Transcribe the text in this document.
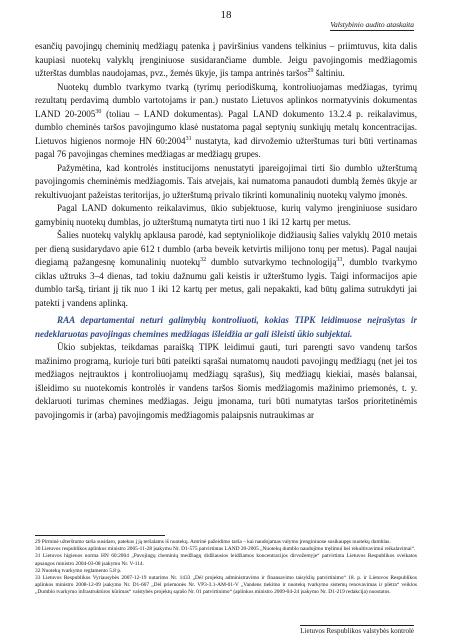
18
Valstybinio audito ataskaita

esančių pavojingų cheminių medžiagų patenka į paviršinius vandens telkinius – priimtuvus, kita dalis kaupiasi nuotekų valyklų įrenginiuose susidarančiame dumble. Jeigu pavojingomis medžiagomis užterštas dumblas naudojamas, pvz., žemės ūkyje, jis tampa antrinės taršos$^{29}$ šaltiniu.

Nuotekų dumblo tvarkymo tvarką (tyrimų periodiškumą, kontroliuojamas medžiagas, tyrimų rezultatų perdavimą dumblo vartotojams ir pan.) nustato Lietuvos aplinkos normatyvinis dokumentas LAND 20-2005$^{30}$ (toliau – LAND dokumentas). Pagal LAND dokumento 13.2.4 p. reikalavimus, dumblo cheminės taršos pavojingumo klasė nustatoma pagal septynių sunkiųjų metalų koncentracijas. Lietuvos higienos normoje HN 60:2004$^{31}$ nustatyta, kad dirvožemio užterštumas turi būti vertinamas pagal 76 pavojingas chemines medžiagas ar medžiagų grupes.

Pažymėtina, kad kontrolės institucijoms nenustatyti įpareigojimai tirti šio dumblo užterštumą pavojingomis cheminėmis medžiagomis. Tais atvejais, kai numatoma panaudoti dumblą žemės ūkyje ar rekultivuojant pažeistas teritorijas, jo užterštumą privalo tikrinti komunalinių nuotekų valymo įmonės.

Pagal LAND dokumento reikalavimus, ūkio subjektuose, kurių valymo įrenginiuose susidaro gamybinių nuotekų dumblas, jo užterštumą numatyta tirti nuo 1 iki 12 kartų per metus.

Šalies nuotekų valyklų apklausa parodė, kad septyniolikoje didžiausių šalies valyklų 2010 metais per dieną susidarydavo apie 612 t dumblo (arba beveik ketvirtis milijono tonų per metus). Pagal naujai diegiamą pažangesnę komunalinių nuotekų$^{32}$ dumblo sutvarkymo technologiją$^{33}$, dumblo tvarkymo ciklas užtruks 3–4 dienas, tad tokiu dažnumu gali keistis ir užterštumo lygis. Taigi informacijos apie dumblo taršą, tiriant jį tik nuo 1 iki 12 kartų per metus, gali nepakakti, kad būtų galima sutrukdyti jai patekti į vandens aplinką.

RAA departamentai neturi galimybių kontroliuoti, kokias TIPK leidimuose neįrašytas ir nedeklaruotas pavojingas chemines medžiagas išleidžia ar gali išleisti ūkio subjektai.

Ūkio subjektas, teikdamas paraišką TIPK leidimui gauti, turi parengti savo vandenų taršos mažinimo programą, kurioje turi būti pateikti sąrašai numatomų naudoti pavojingų medžiagų (net jei tos medžiagos neįtrauktos į kontroliuojamų medžiagų sąrašus), šių medžiagų kiekiai, masės balansai, išleidimo su nuotekomis kontrolės ir vandens taršos šiomis medžiagomis mažinimo priemonės, t. y. deklaruoti turimas chemines medžiagas. Jeigu įmonama, turi būti numatytas taršos prioritetinėmis pavojingomis ir (arba) pavojingomis medžiagomis palaipsnis nutraukimas ar

29 Pirminė užterštumo tarša susidaro, patekus į ją teršalams iš nuotekų. Antrinė pažeidimo tarša – kai naudojamas valymo įrenginiuose susikaupęs nuotekų dumblas.

30 Lietuvos respublikos aplinkos ministro 2005-11-28 įsakymu Nr. D1-575 patvirtintas LAND 20-2005 „Nuotekų dumblo naudojimo tręšimui bei rekultivavimui reikalavimai“.

31 Lietuvos higienos norma HN 60:2004 „Pavojingų cheminių medžiagų didžiausios leidžiamos koncentracijos dirvožemyje“ patvirtinta Lietuvos Respublikos sveikatos apsaugos ministro 2004-03-08 įsakymu Nr. V-114.

32 Nuotekų tvarkymo reglamento 5.8 p.

33 Lietuvos Respublikos Vyriausybės 2007-12-19 nutarimo Nr. 1433 „Dėl projektų administravimo ir finansavimo taisyklių patvirtinimo“ 18. p. ir Lietuvos Respublikos aplinkos ministro 2008-12-09 įsakymo Nr. D1-667 „Dėl priemonės Nr. VP3-3.1-AM-01-V „Vandens tiekimo ir nuotekų tvarkymo sistemų renovavimas ir plėtra“ veiklos „Dumblo tvarkymo infrastruktūros kūrimas“ valstybės projektų sąrašo Nr. 01 patvirtinimo“ (aplinkos ministro 2009-04-24 įsakymo Nr. D1-219 redakcija) nuostatos.

Lietuvos Respublikos valstybės kontrolė
